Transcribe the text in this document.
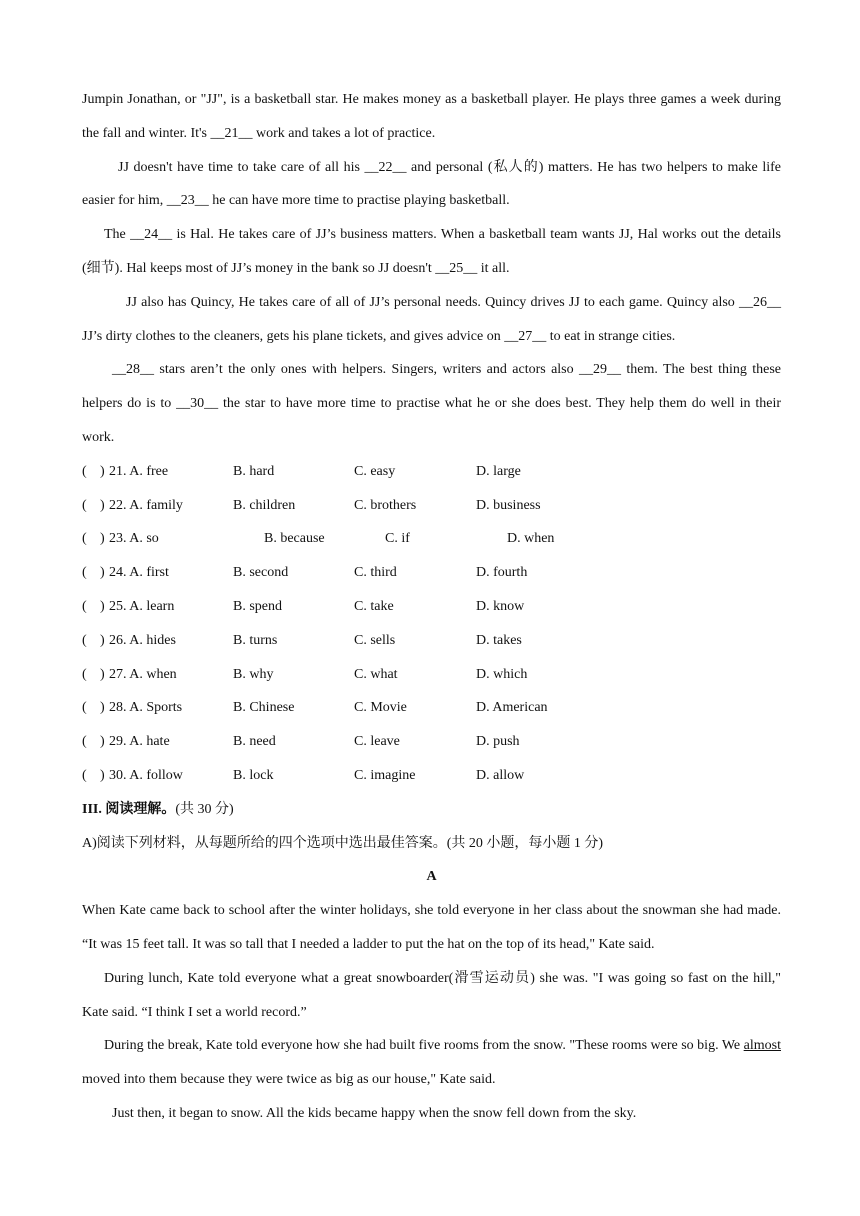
Jumpin Jonathan, or "JJ", is a basketball star. He makes money as a basketball player. He plays three games a week during the fall and winter. It's __21__ work and takes a lot of practice.

JJ doesn't have time to take care of all his __22__ and personal (私人的) matters. He has two helpers to make life easier for him, __23__ he can have more time to practise playing basketball.

The __24__ is Hal. He takes care of JJ’s business matters. When a basketball team wants JJ, Hal works out the details (细节). Hal keeps most of JJ’s money in the bank so JJ doesn't __25__ it all.

JJ also has Quincy, He takes care of all of JJ’s personal needs. Quincy drives JJ to each game. Quincy also __26__ JJ’s dirty clothes to the cleaners, gets his plane tickets, and gives advice on __27__ to eat in strange cities.

__28__ stars aren’t the only ones with helpers. Singers, writers and actors also __29__ them. The best thing these helpers do is to __30__ the star to have more time to practise what he or she does best. They help them do well in their work.

( ) 21. A. free	B. hard	C. easy	D. large
( ) 22. A. family	B. children	C. brothers	D. business
( ) 23. A. so	B. because	C. if	D. when
( ) 24. A. first	B. second	C. third	D. fourth
( ) 25. A. learn	B. spend	C. take	D. know
( ) 26. A. hides	B. turns	C. sells	D. takes
( ) 27. A. when	B. why	C. what	D. which
( ) 28. A. Sports	B. Chinese	C. Movie	D. American
( ) 29. A. hate	B. need	C. leave	D. push
( ) 30. A. follow	B. lock	C. imagine	D. allow

III. 阅读理解。(共 30 分)

A)阅读下列材料，从每题所给的四个选项中选出最佳答案。(共 20 小题，每小题 1 分)

A

When Kate came back to school after the winter holidays, she told everyone in her class about the snowman she had made. “It was 15 feet tall. It was so tall that I needed a ladder to put the hat on the top of its head," Kate said.

During lunch, Kate told everyone what a great snowboarder(滑雪运动员) she was. "I was going so fast on the hill," Kate said. “I think I set a world record.”

During the break, Kate told everyone how she had built five rooms from the snow. "These rooms were so big. We almost moved into them because they were twice as big as our house," Kate said.

Just then, it began to snow. All the kids became happy when the snow fell down from the sky.
